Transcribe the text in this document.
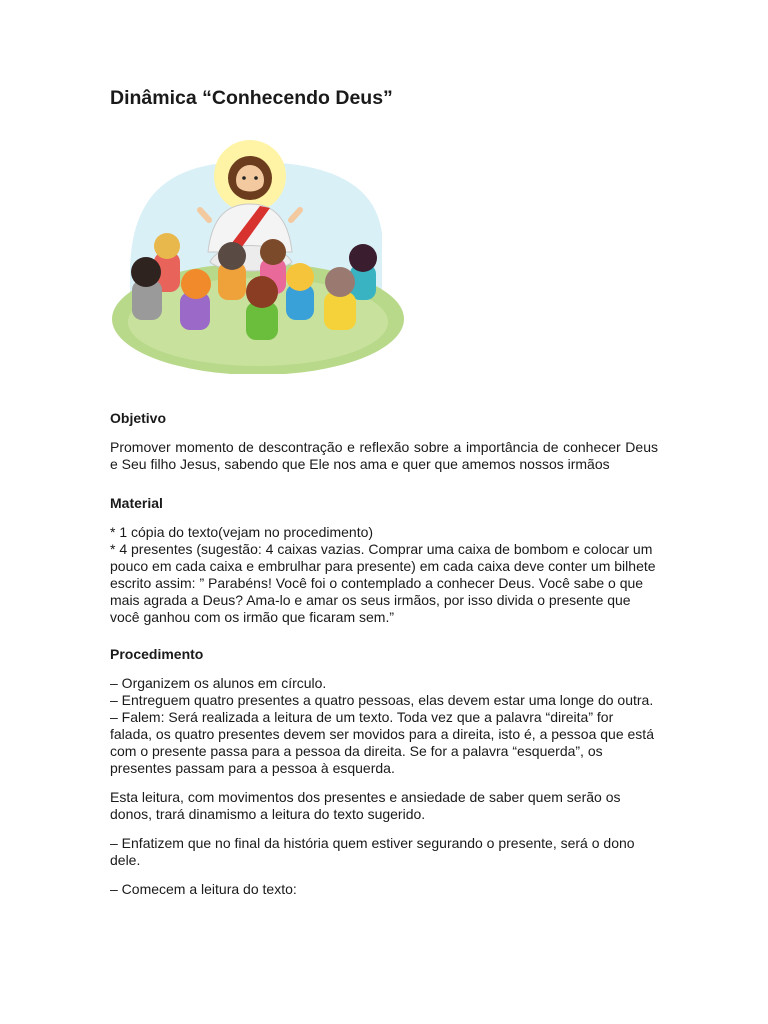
Dinâmica “Conhecendo Deus”

Objetivo

Promover momento de descontração e reflexão sobre a importância de conhecer Deus e Seu filho Jesus, sabendo que Ele nos ama e quer que amemos nossos irmãos

Material

* 1 cópia do texto(vejam no procedimento)

* 4 presentes (sugestão: 4 caixas vazias. Comprar uma caixa de bombom e colocar um pouco em cada caixa e embrulhar para presente) em cada caixa deve conter um bilhete escrito assim: ” Parabéns! Você foi o contemplado a conhecer Deus. Você sabe o que mais agrada a Deus? Ama-lo e amar os seus irmãos, por isso divida o presente que você ganhou com os irmão que ficaram sem.”

Procedimento

– Organizem os alunos em círculo.

– Entreguem quatro presentes a quatro pessoas, elas devem estar uma longe do outra.

– Falem: Será realizada a leitura de um texto. Toda vez que a palavra “direita” for falada, os quatro presentes devem ser movidos para a direita, isto é, a pessoa que está com o presente passa para a pessoa da direita. Se for a palavra “esquerda”, os presentes passam para a pessoa à esquerda.

Esta leitura, com movimentos dos presentes e ansiedade de saber quem serão os donos, trará dinamismo a leitura do texto sugerido.

– Enfatizem que no final da história quem estiver segurando o presente, será o dono dele.

– Comecem a leitura do texto:
